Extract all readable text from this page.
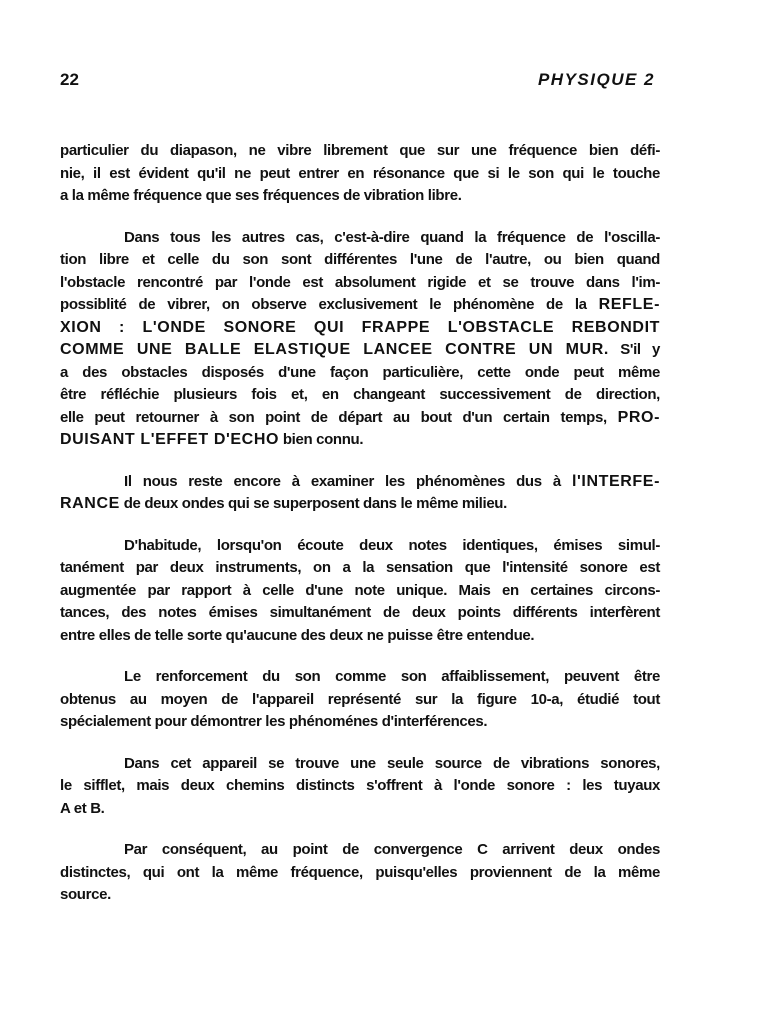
22	PHYSIQUE 2
particulier du diapason, ne vibre librement que sur une fréquence bien défi-
nie, il est évident qu'il ne peut entrer en résonance que si le son qui le touche
a la même fréquence que ses fréquences de vibration libre.
Dans tous les autres cas, c'est-à-dire quand la fréquence de l'oscilla-
tion libre et celle du son sont différentes l'une de l'autre, ou bien quand
l'obstacle rencontré par l'onde est absolument rigide et se trouve dans l'im-
possiblité de vibrer, on observe exclusivement le phénomène de la REFLE-
XION : L'ONDE SONORE QUI FRAPPE L'OBSTACLE REBONDIT
COMME UNE BALLE ELASTIQUE LANCEE CONTRE UN MUR. S'il y
a des obstacles disposés d'une façon particulière, cette onde peut même
être réfléchie plusieurs fois et, en changeant successivement de direction,
elle peut retourner à son point de départ au bout d'un certain temps, PRO-
DUISANT L'EFFET D'ECHO bien connu.
Il nous reste encore à examiner les phénomènes dus à l'INTERFE-
RANCE de deux ondes qui se superposent dans le même milieu.
D'habitude, lorsqu'on écoute deux notes identiques, émises simul-
tanément par deux instruments, on a la sensation que l'intensité sonore est
augmentée par rapport à celle d'une note unique. Mais en certaines circons-
tances, des notes émises simultanément de deux points différents interfèrent
entre elles de telle sorte qu'aucune des deux ne puisse être entendue.
Le renforcement du son comme son affaiblissement, peuvent être
obtenus au moyen de l'appareil représenté sur la figure 10-a, étudié tout
spécialement pour démontrer les phénoménes d'interférences.
Dans cet appareil se trouve une seule source de vibrations sonores,
le sifflet, mais deux chemins distincts s'offrent à l'onde sonore : les tuyaux
A et B.
Par conséquent, au point de convergence C arrivent deux ondes
distinctes, qui ont la même fréquence, puisqu'elles proviennent de la même
source.
